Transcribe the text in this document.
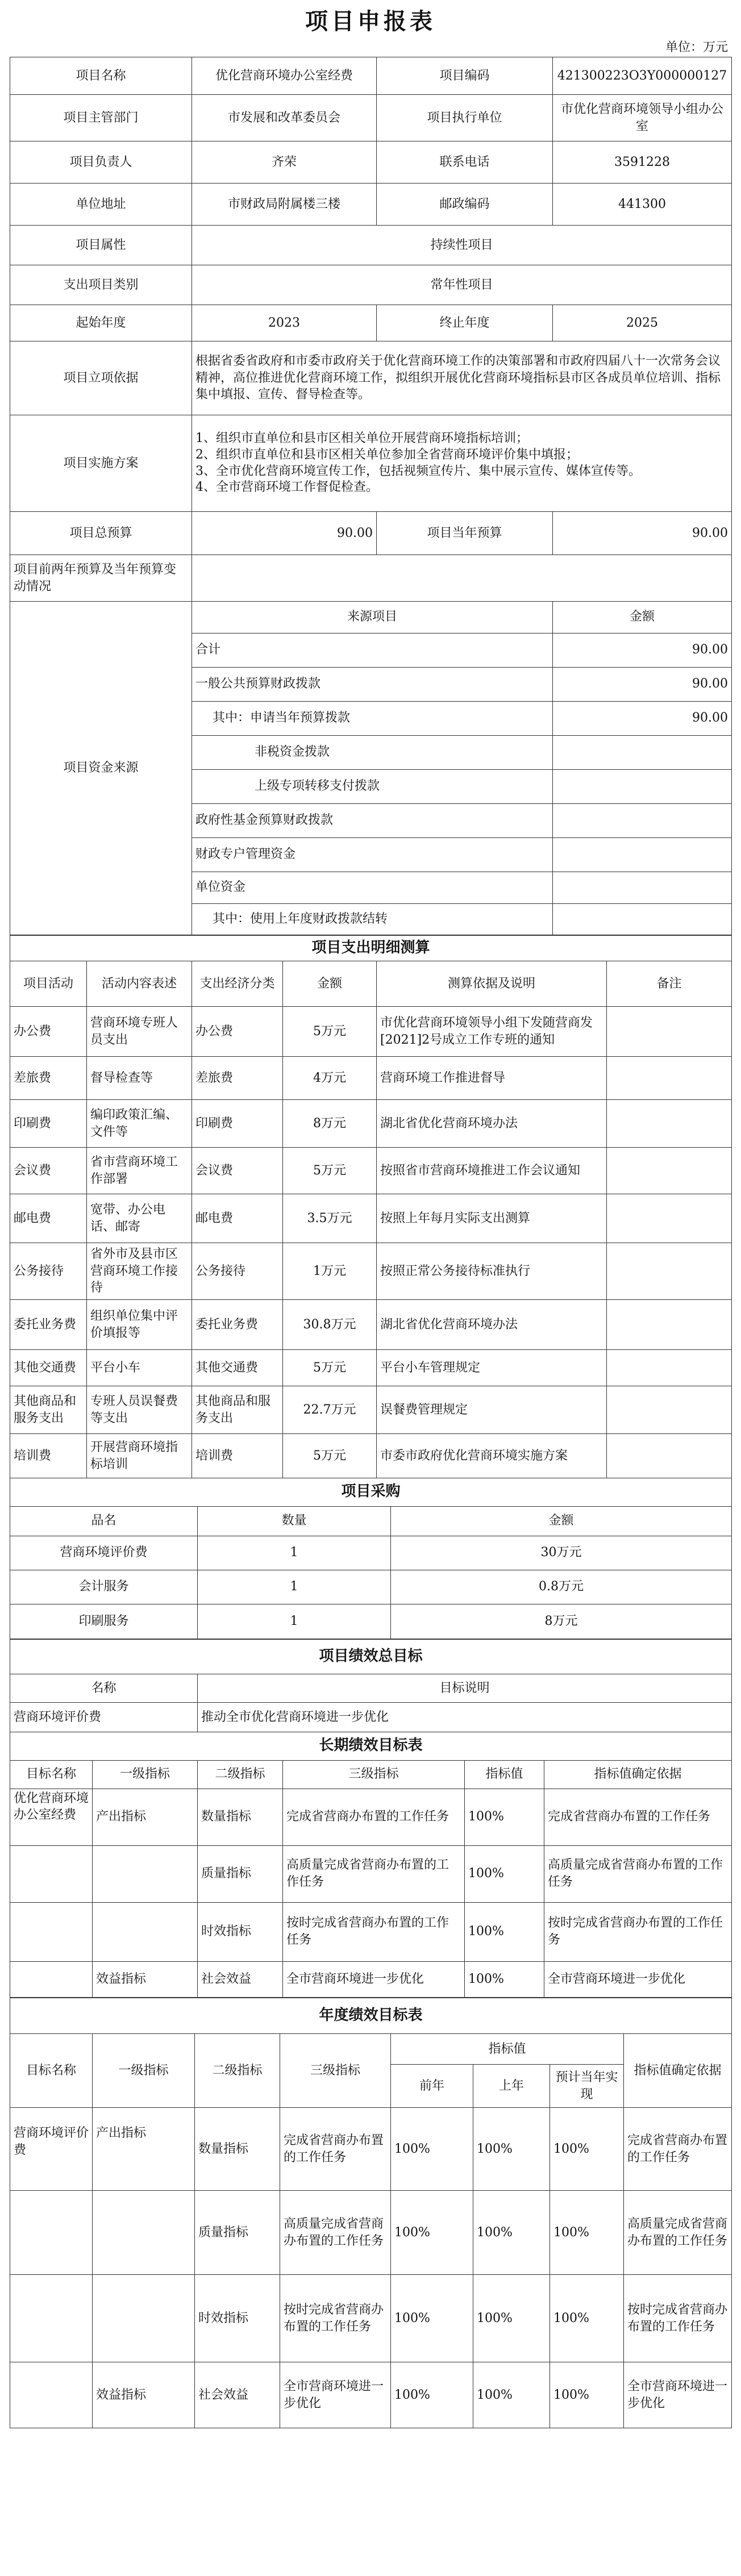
项目申报表
单位：万元
项目名称	优化营商环境办公室经费	项目编码	421300223O3Y000000127
项目主管部门	市发展和改革委员会	项目执行单位	市优化营商环境领导小组办公室
项目负责人	齐荣	联系电话	3591228
单位地址	市财政局附属楼三楼	邮政编码	441300
项目属性	持续性项目		
支出项目类别	常年性项目		
起始年度	2023	终止年度	2025
项目立项依据	根据省委省政府和市委市政府关于优化营商环境工作的决策部署和市政府四届八十一次常务会议精神，高位推进优化营商环境工作，拟组织开展优化营商环境指标县市区各成员单位培训、指标集中填报、宣传、督导检查等。		
项目实施方案	1、组织市直单位和县市区相关单位开展营商环境指标培训；
2、组织市直单位和县市区相关单位参加全省营商环境评价集中填报；
3、全市优化营商环境宣传工作，包括视频宣传片、集中展示宣传、媒体宣传等。
4、全市营商环境工作督促检查。		

项目总预算	90.00	项目当年预算	90.00
项目前两年预算及当年预算变动情况			
项目资金来源	来源项目	金额
	合计	90.00
	一般公共预算财政拨款	90.00
	其中：申请当年预算拨款	90.00
	非税资金拨款	
	上级专项转移支付拨款	
	政府性基金预算财政拨款	
	财政专户管理资金	
	单位资金	
	其中：使用上年度财政拨款结转	
项目支出明细测算					
项目活动	活动内容表述	支出经济分类	金额	测算依据及说明	备注
办公费	营商环境专班人员支出	办公费	5万元	市优化营商环境领导小组下发随营商发[2021]2号成立工作专班的通知	
差旅费	督导检查等	差旅费	4万元	营商环境工作推进督导	
印刷费	编印政策汇编、文件等	印刷费	8万元	湖北省优化营商环境办法	
会议费	省市营商环境工作部署	会议费	5万元	按照省市营商环境推进工作会议通知	
邮电费	宽带、办公电话、邮寄	邮电费	3.5万元	按照上年每月实际支出测算	
公务接待	省外市及县市区营商环境工作接待	公务接待	1万元	按照正常公务接待标准执行	
委托业务费	组织单位集中评价填报等	委托业务费	30.8万元	湖北省优化营商环境办法	
其他交通费	平台小车	其他交通费	5万元	平台小车管理规定	
其他商品和服务支出	专班人员误餐费等支出	其他商品和服务支出	22.7万元	误餐费管理规定	
培训费	开展营商环境指标培训	培训费	5万元	市委市政府优化营商环境实施方案	
项目采购		
品名	数量	金额
营商环境评价费	1	30万元
会计服务	1	0.8万元
印刷服务	1	8万元
项目绩效总目标	
名称	目标说明
营商环境评价费	推动全市优化营商环境进一步优化
长期绩效目标表					
目标名称	一级指标	二级指标	三级指标	指标值	指标值确定依据
优化营商环境办公室经费	产出指标	数量指标	完成省营商办布置的工作任务	100%	完成省营商办布置的工作任务
		质量指标	高质量完成省营商办布置的工作任务	100%	高质量完成省营商办布置的工作任务
		时效指标	按时完成省营商办布置的工作任务	100%	按时完成省营商办布置的工作任务
	效益指标	社会效益	全市营商环境进一步优化	100%	全市营商环境进一步优化
年度绩效目标表							
目标名称	一级指标	二级指标	三级指标	指标值			指标值确定依据
				前年	上年	预计当年实现	
营商环境评价费	产出指标	数量指标	完成省营商办布置的工作任务	100%	100%	100%	完成省营商办布置的工作任务
		质量指标	高质量完成省营商办布置的工作任务	100%	100%	100%	高质量完成省营商办布置的工作任务
		时效指标	按时完成省营商办布置的工作任务	100%	100%	100%	按时完成省营商办布置的工作任务
	效益指标	社会效益	全市营商环境进一步优化	100%	100%	100%	全市营商环境进一步优化
